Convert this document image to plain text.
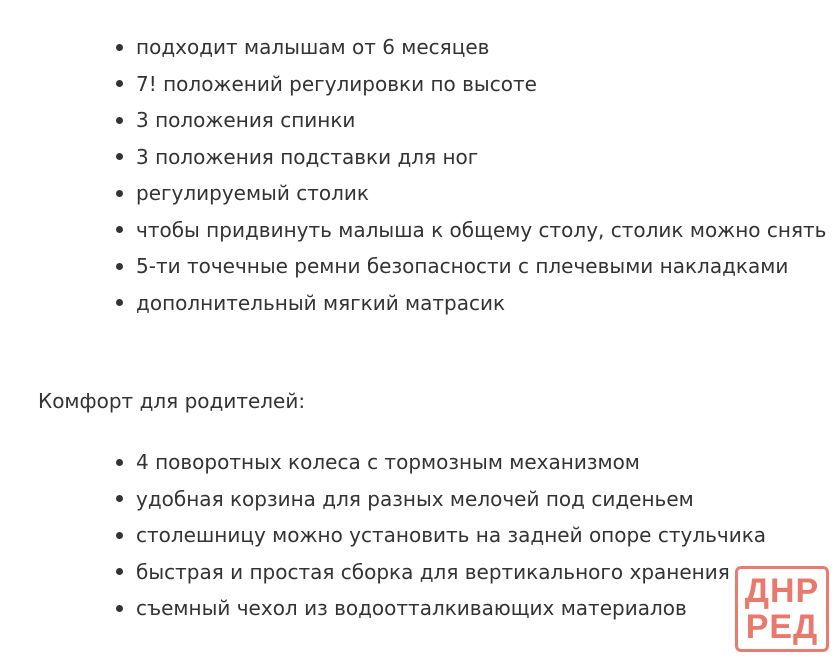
подходит малышам от 6 месяцев
7! положений регулировки по высоте
3 положения спинки
3 положения подставки для ног
регулируемый столик
чтобы придвинуть малыша к общему столу, столик можно снять
5-ти точечные ремни безопасности с плечевыми накладками
дополнительный мягкий матрасик
Комфорт для родителей:
4 поворотных колеса с тормозным механизмом
удобная корзина для разных мелочей под сиденьем
столешницу можно установить на задней опоре стульчика
быстрая и простая сборка для вертикального хранения
съемный чехол из водоотталкивающих материалов	ДНР
РЕД
